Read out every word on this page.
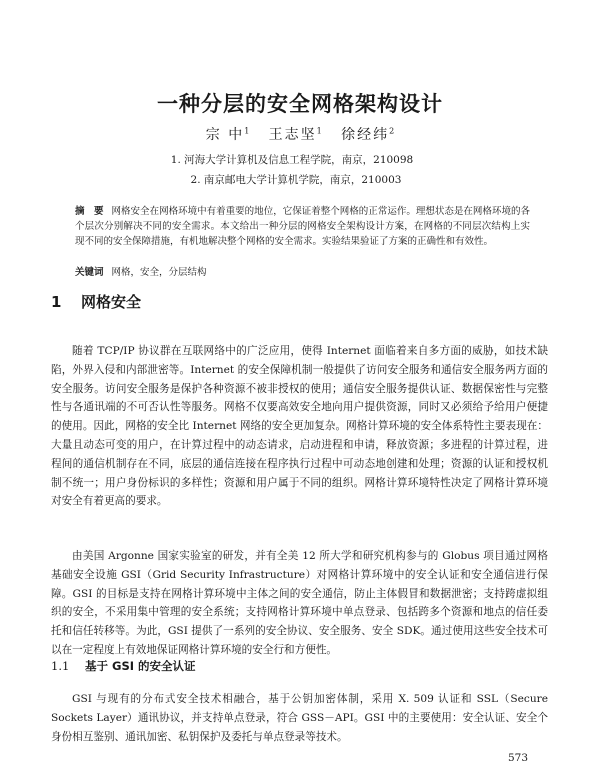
一种分层的安全网格架构设计
宗 中$^1$ 王志坚$^1$ 徐经纬$^2$
1. 河海大学计算机及信息工程学院，南京，210098
2. 南京邮电大学计算机学院，南京，210003
摘　要 网格安全在网格环境中有着重要的地位，它保证着整个网格的正常运作。理想状态是在网格环境的各个层次分别解决不同的安全需求。本文给出一种分层的网格安全架构设计方案，在网格的不同层次结构上实现不同的安全保障措施，有机地解决整个网格的安全需求。实验结果验证了方案的正确性和有效性。
关键词 网格，安全，分层结构
1 网格安全

随着 TCP/IP 协议群在互联网络中的广泛应用，使得 Internet 面临着来自多方面的威胁，如技术缺陷，外界入侵和内部泄密等。Internet 的安全保障机制一般提供了访问安全服务和通信安全服务两方面的安全服务。访问安全服务是保护各种资源不被非授权的使用；通信安全服务提供认证、数据保密性与完整性与各通讯端的不可否认性等服务。网格不仅要高效安全地向用户提供资源，同时又必须给予给用户便捷的使用。因此，网格的安全比 Internet 网络的安全更加复杂。网格计算环境的安全体系特性主要表现在：大量且动态可变的用户，在计算过程中的动态请求，启动进程和申请，释放资源；多进程的计算过程，进程间的通信机制存在不同，底层的通信连接在程序执行过程中可动态地创建和处理；资源的认证和授权机制不统一；用户身份标识的多样性；资源和用户属于不同的组织。网格计算环境特性决定了网格计算环境对安全有着更高的要求。

由美国 Argonne 国家实验室的研发，并有全美 12 所大学和研究机构参与的 Globus 项目通过网格基础安全设施 GSI（Grid Security Infrastructure）对网格计算环境中的安全认证和安全通信进行保障。GSI 的目标是支持在网格计算环境中主体之间的安全通信，防止主体假冒和数据泄密；支持跨虚拟组织的安全，不采用集中管理的安全系统；支持网格计算环境中单点登录、包括跨多个资源和地点的信任委托和信任转移等。为此，GSI 提供了一系列的安全协议、安全服务、安全 SDK。通过使用这些安全技术可以在一定程度上有效地保证网格计算环境的安全行和方便性。

1.1 基于 GSI 的安全认证

GSI 与现有的分布式安全技术相融合，基于公钥加密体制，采用 X. 509 认证和 SSL（Secure Sockets Layer）通讯协议，并支持单点登录，符合 GSS－API。GSI 中的主要使用：安全认证、安全个身份相互鉴别、通讯加密、私钥保护及委托与单点登录等技术。

573
